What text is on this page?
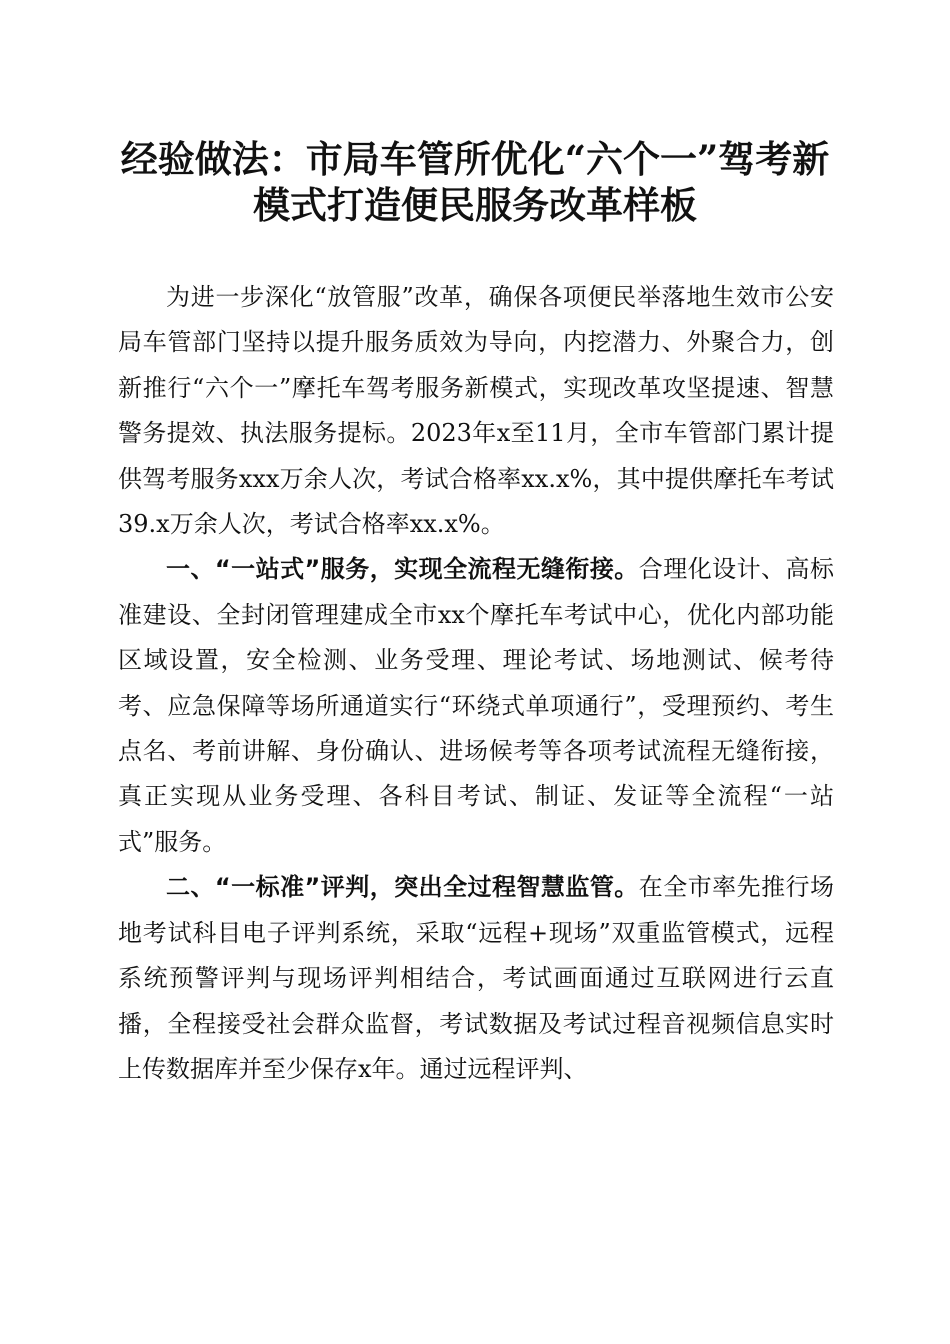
经验做法：市局车管所优化“六个一”驾考新
模式打造便民服务改革样板

为进一步深化“放管服”改革，确保各项便民举落地生效市公安局车管部门坚持以提升服务质效为导向，内挖潜力、外聚合力，创新推行“六个一”摩托车驾考服务新模式，实现改革攻坚提速、智慧警务提效、执法服务提标。2023年x至11月，全市车管部门累计提供驾考服务xxx万余人次，考试合格率xx.x%，其中提供摩托车考试39.x万余人次，考试合格率xx.x%。

一、“一站式”服务，实现全流程无缝衔接。合理化设计、高标准建设、全封闭管理建成全市xx个摩托车考试中心，优化内部功能区域设置，安全检测、业务受理、理论考试、场地测试、候考待考、应急保障等场所通道实行“环绕式单项通行”，受理预约、考生点名、考前讲解、身份确认、进场候考等各项考试流程无缝衔接，真正实现从业务受理、各科目考试、制证、发证等全流程“一站式”服务。

二、“一标准”评判，突出全过程智慧监管。在全市率先推行场地考试科目电子评判系统，采取“远程+现场”双重监管模式，远程系统预警评判与现场评判相结合，考试画面通过互联网进行云直播，全程接受社会群众监督，考试数据及考试过程音视频信息实时上传数据库并至少保存x年。通过远程评判、
